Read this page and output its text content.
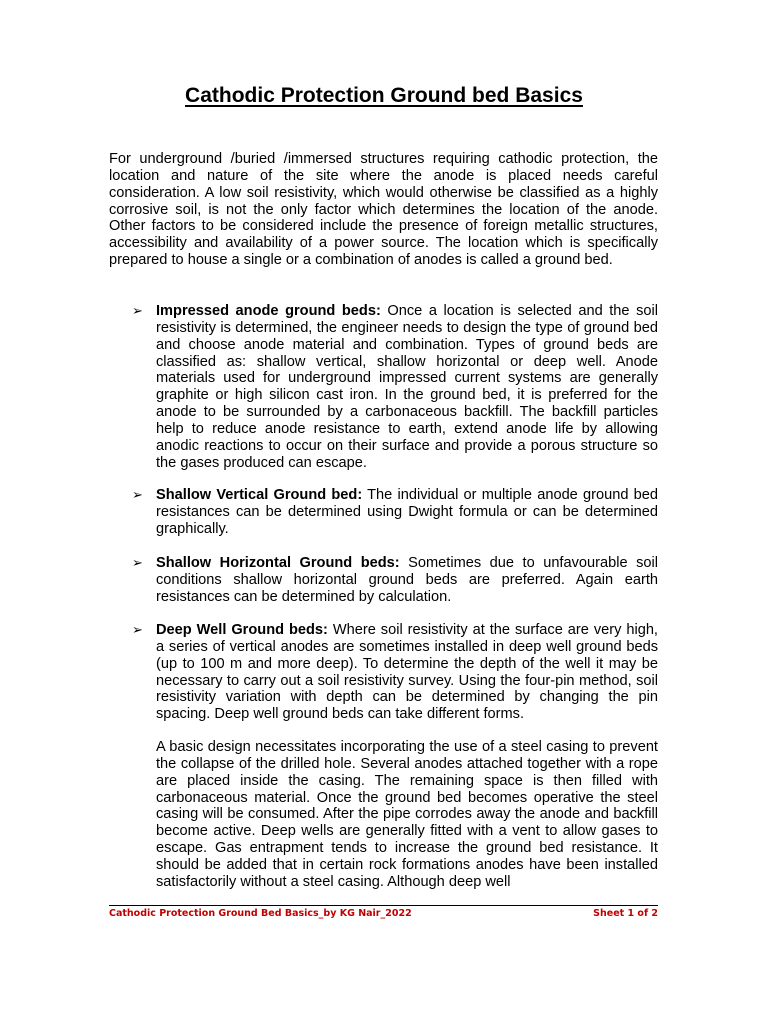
Cathodic Protection Ground bed Basics

For underground /buried /immersed structures requiring cathodic protection, the location and nature of the site where the anode is placed needs careful consideration. A low soil resistivity, which would otherwise be classified as a highly corrosive soil, is not the only factor which determines the location of the anode. Other factors to be considered include the presence of foreign metallic structures, accessibility and availability of a power source. The location which is specifically prepared to house a single or a combination of anodes is called a ground bed.

➢ Impressed anode ground beds: Once a location is selected and the soil resistivity is determined, the engineer needs to design the type of ground bed and choose anode material and combination. Types of ground beds are classified as: shallow vertical, shallow horizontal or deep well. Anode materials used for underground impressed current systems are generally graphite or high silicon cast iron. In the ground bed, it is preferred for the anode to be surrounded by a carbonaceous backfill. The backfill particles help to reduce anode resistance to earth, extend anode life by allowing anodic reactions to occur on their surface and provide a porous structure so the gases produced can escape.

➢ Shallow Vertical Ground bed: The individual or multiple anode ground bed resistances can be determined using Dwight formula or can be determined graphically.

➢ Shallow Horizontal Ground beds: Sometimes due to unfavourable soil conditions shallow horizontal ground beds are preferred. Again earth resistances can be determined by calculation.

➢ Deep Well Ground beds: Where soil resistivity at the surface are very high, a series of vertical anodes are sometimes installed in deep well ground beds (up to 100 m and more deep). To determine the depth of the well it may be necessary to carry out a soil resistivity survey. Using the four-pin method, soil resistivity variation with depth can be determined by changing the pin spacing. Deep well ground beds can take different forms.

A basic design necessitates incorporating the use of a steel casing to prevent the collapse of the drilled hole. Several anodes attached together with a rope are placed inside the casing. The remaining space is then filled with carbonaceous material. Once the ground bed becomes operative the steel casing will be consumed. After the pipe corrodes away the anode and backfill become active. Deep wells are generally fitted with a vent to allow gases to escape. Gas entrapment tends to increase the ground bed resistance. It should be added that in certain rock formations anodes have been installed satisfactorily without a steel casing. Although deep well

Cathodic Protection Ground Bed Basics_by KG Nair_2022	Sheet 1 of 2
